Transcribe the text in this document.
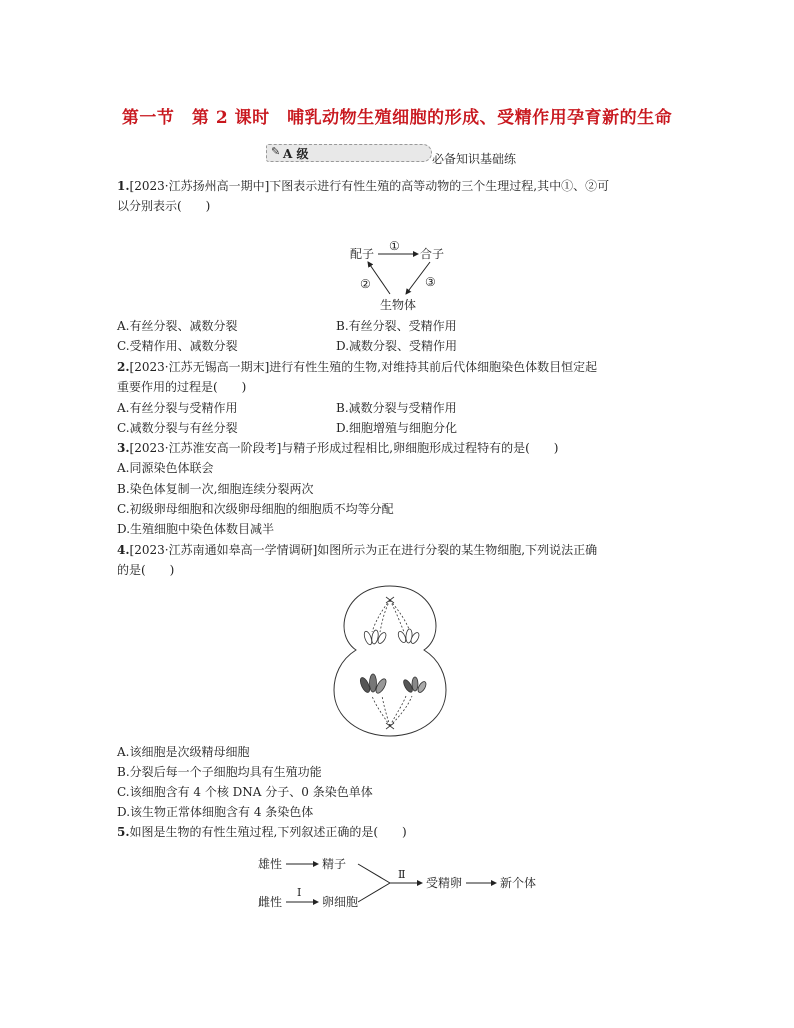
第一节　第 2 课时　哺乳动物生殖细胞的形成、受精作用孕育新的生命
✎ A 级	必备知识基础练
1.[2023·江苏扬州高一期中]下图表示进行有性生殖的高等动物的三个生理过程,其中①、②可
以分别表示(　　)
配子	合子
生物体
①
②	③
A.有丝分裂、减数分裂	B.有丝分裂、受精作用
C.受精作用、减数分裂	D.减数分裂、受精作用
2.[2023·江苏无锡高一期末]进行有性生殖的生物,对维持其前后代体细胞染色体数目恒定起
重要作用的过程是(　　)
A.有丝分裂与受精作用	B.减数分裂与受精作用
C.减数分裂与有丝分裂	D.细胞增殖与细胞分化
3.[2023·江苏淮安高一阶段考]与精子形成过程相比,卵细胞形成过程特有的是(　　)
A.同源染色体联会
B.染色体复制一次,细胞连续分裂两次
C.初级卵母细胞和次级卵母细胞的细胞质不均等分配
D.生殖细胞中染色体数目减半
4.[2023·江苏南通如皋高一学情调研]如图所示为正在进行分裂的某生物细胞,下列说法正确
的是(　　)
A.该细胞是次级精母细胞
B.分裂后每一个子细胞均具有生殖功能
C.该细胞含有 4 个核 DNA 分子、0 条染色单体
D.该生物正常体细胞含有 4 条染色体
5.如图是生物的有性生殖过程,下列叙述正确的是(　　)
雄性	精子
雌性
Ⅰ
卵细胞
Ⅱ
受精卵	新个体
